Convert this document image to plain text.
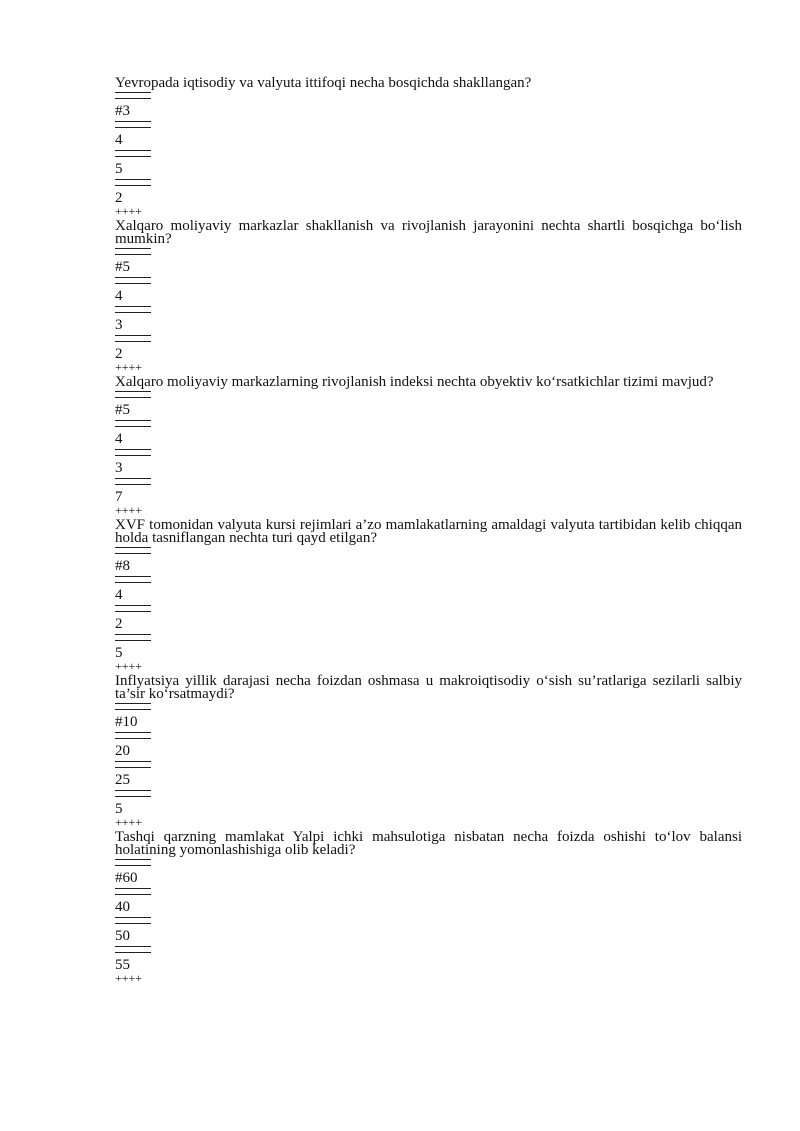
Yevropada iqtisodiy va valyuta ittifoqi necha bosqichda shakllangan?
#3
4
5
2
++++
Xalqaro moliyaviy markazlar shakllanish va rivojlanish jarayonini nechta shartli bosqichga bo‘lish mumkin?
#5
4
3
2
++++
Xalqaro moliyaviy markazlarning rivojlanish indeksi nechta obyektiv ko‘rsatkichlar tizimi mavjud?
#5
4
3
7
++++
XVF tomonidan valyuta kursi rejimlari a’zo mamlakatlarning amaldagi valyuta tartibidan kelib chiqqan holda tasniflangan nechta turi qayd etilgan?
#8
4
2
5
++++
Inflyatsiya yillik darajasi necha foizdan oshmasa u makroiqtisodiy o‘sish su’ratlariga sezilarli salbiy ta’sir ko‘rsatmaydi?
#10
20
25
5
++++
Tashqi qarzning mamlakat Yalpi ichki mahsulotiga nisbatan necha foizda oshishi to‘lov balansi holatining yomonlashishiga olib keladi?
#60
40
50
55
++++
